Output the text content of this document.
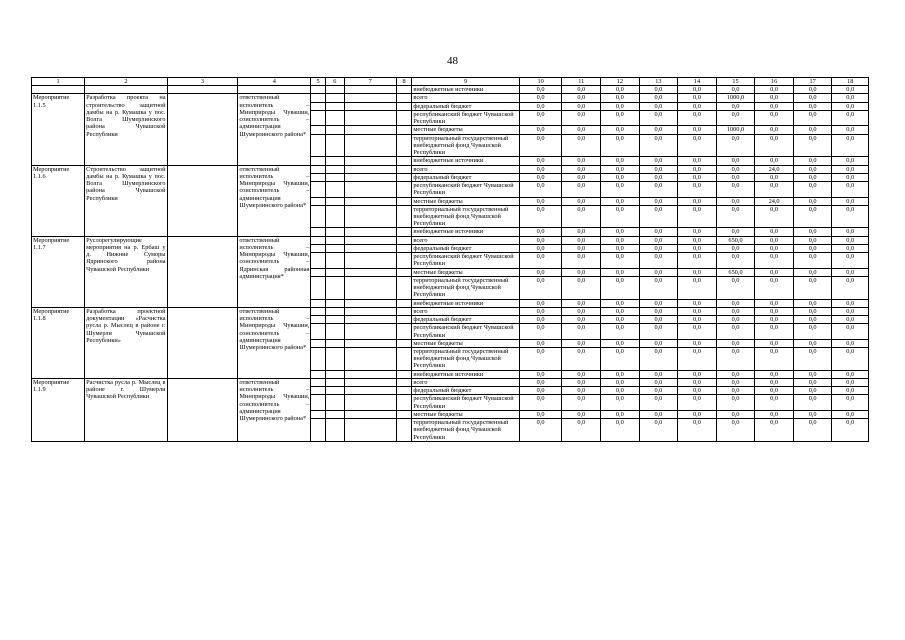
48
1	2	3	4	5	6	7	8	9	10	11	12	13	14	15	16	17	18
								внебюджетные источники	0,0	0,0	0,0	0,0	0,0	0,0	0,0	0,0	0,0
Мероприятие 1.1.5	Разработка проекта на строительство защитной дамбы на р. Кумашка у пос. Волга Шумерлинского района Чувашской Республики		ответственный исполнитель – Минприроды Чувашии, соисполнитель – администрация Шумерлинского района*					всего	0,0	0,0	0,0	0,0	0,0	1000,0	0,0	0,0	0,0
								федеральный бюджет	0,0	0,0	0,0	0,0	0,0	0,0	0,0	0,0	0,0
								республиканский бюджет Чувашской Республики	0,0	0,0	0,0	0,0	0,0	0,0	0,0	0,0	0,0
								местные бюджеты	0,0	0,0	0,0	0,0	0,0	1000,0	0,0	0,0	0,0
								территориальный государственный внебюджетный фонд Чувашской Республики	0,0	0,0	0,0	0,0	0,0	0,0	0,0	0,0	0,0
								внебюджетные источники	0,0	0,0	0,0	0,0	0,0	0,0	0,0	0,0	0,0
Мероприятие 1.1.6	Строительство защитной дамбы на р. Кумашка у пос. Волга Шумерлинского района Чувашской Республики		ответственный исполнитель – Минприроды Чувашии, соисполнитель – администрация Шумерлинского района*					всего	0,0	0,0	0,0	0,0	0,0	0,0	24,0	0,0	0,0
								федеральный бюджет	0,0	0,0	0,0	0,0	0,0	0,0	0,0	0,0	0,0
								республиканский бюджет Чувашской Республики	0,0	0,0	0,0	0,0	0,0	0,0	0,0	0,0	0,0
								местные бюджеты	0,0	0,0	0,0	0,0	0,0	0,0	24,0	0,0	0,0
								территориальный государственный внебюджетный фонд Чувашской Республики	0,0	0,0	0,0	0,0	0,0	0,0	0,0	0,0	0,0
								внебюджетные источники	0,0	0,0	0,0	0,0	0,0	0,0	0,0	0,0	0,0
Мероприятие 1.1.7	Руслорегулирующие мероприятия на р. Ербаш у д. Нижние Суморы Ядринского района Чувашской Республики		ответственный исполнитель – Минприроды Чувашии, соисполнитель – Ядринская районная администрация*					всего	0,0	0,0	0,0	0,0	0,0	650,0	0,0	0,0	0,0
								федеральный бюджет	0,0	0,0	0,0	0,0	0,0	0,0	0,0	0,0	0,0
								республиканский бюджет Чувашской Республики	0,0	0,0	0,0	0,0	0,0	0,0	0,0	0,0	0,0
								местные бюджеты	0,0	0,0	0,0	0,0	0,0	650,0	0,0	0,0	0,0
								территориальный государственный внебюджетный фонд Чувашской Республики	0,0	0,0	0,0	0,0	0,0	0,0	0,0	0,0	0,0
								внебюджетные источники	0,0	0,0	0,0	0,0	0,0	0,0	0,0	0,0	0,0
Мероприятие 1.1.8	Разработка проектной документации «Расчистка русла р. Мыслец в районе г. Шумерли Чувашской Республики»		ответственный исполнитель – Минприроды Чувашии, соисполнитель – администрация Шумерлинского района*					всего	0,0	0,0	0,0	0,0	0,0	0,0	0,0	0,0	0,0
								федеральный бюджет	0,0	0,0	0,0	0,0	0,0	0,0	0,0	0,0	0,0
								республиканский бюджет Чувашской Республики	0,0	0,0	0,0	0,0	0,0	0,0	0,0	0,0	0,0
								местные бюджеты	0,0	0,0	0,0	0,0	0,0	0,0	0,0	0,0	0,0
								территориальный государственный внебюджетный фонд Чувашской Республики	0,0	0,0	0,0	0,0	0,0	0,0	0,0	0,0	0,0
								внебюджетные источники	0,0	0,0	0,0	0,0	0,0	0,0	0,0	0,0	0,0
Мероприятие 1.1.9	Расчистка русла р. Мыслец в районе г. Шумерли Чувашской Республики		ответственный исполнитель – Минприроды Чувашии, соисполнитель – администрация Шумерлинского района*					всего	0,0	0,0	0,0	0,0	0,0	0,0	0,0	0,0	0,0
								федеральный бюджет	0,0	0,0	0,0	0,0	0,0	0,0	0,0	0,0	0,0
								республиканский бюджет Чувашской Республики	0,0	0,0	0,0	0,0	0,0	0,0	0,0	0,0	0,0
								местные бюджеты	0,0	0,0	0,0	0,0	0,0	0,0	0,0	0,0	0,0
								территориальный государственный внебюджетный фонд Чувашской Республики	0,0	0,0	0,0	0,0	0,0	0,0	0,0	0,0	0,0
